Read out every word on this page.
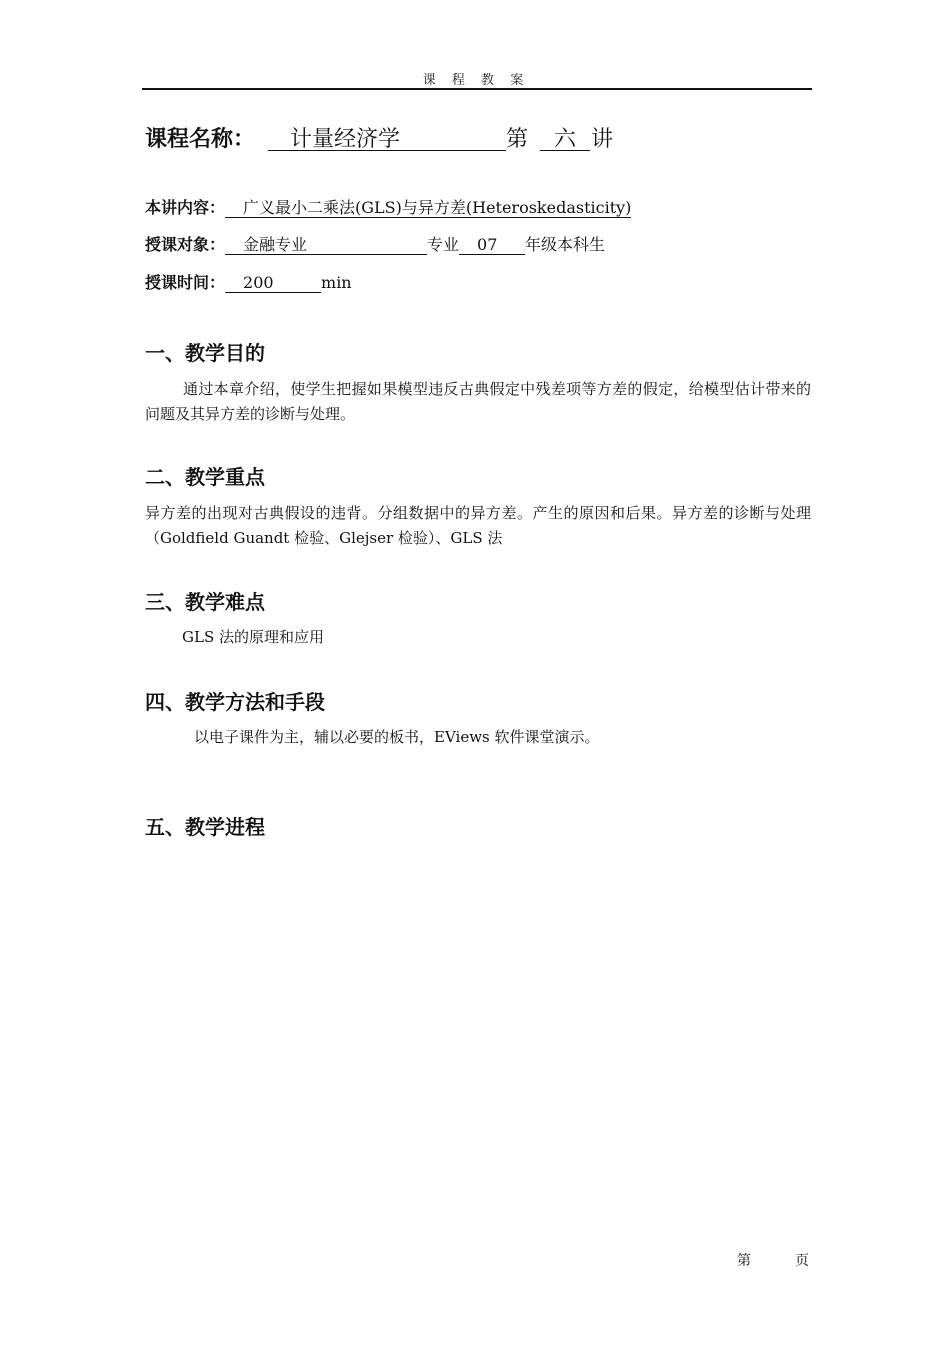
课 程 教 案
课程名称： 计量经济学	第 六 讲
本讲内容： 广义最小二乘法(GLS)与异方差(Heteroskedasticity)
授课对象： 金融专业	专业 07 年级本科生
授课时间： 200	min
一、教学目的
通过本章介绍，使学生把握如果模型违反古典假定中残差项等方差的假定，给模型估计带来的问题及其异方差的诊断与处理。
二、教学重点
异方差的出现对古典假设的违背。分组数据中的异方差。产生的原因和后果。异方差的诊断与处理（Goldfield Guandt 检验、Glejser 检验）、GLS 法
三、教学难点
GLS 法的原理和应用
四、教学方法和手段
以电子课件为主，辅以必要的板书，EViews 软件课堂演示。
五、教学进程
第	页
